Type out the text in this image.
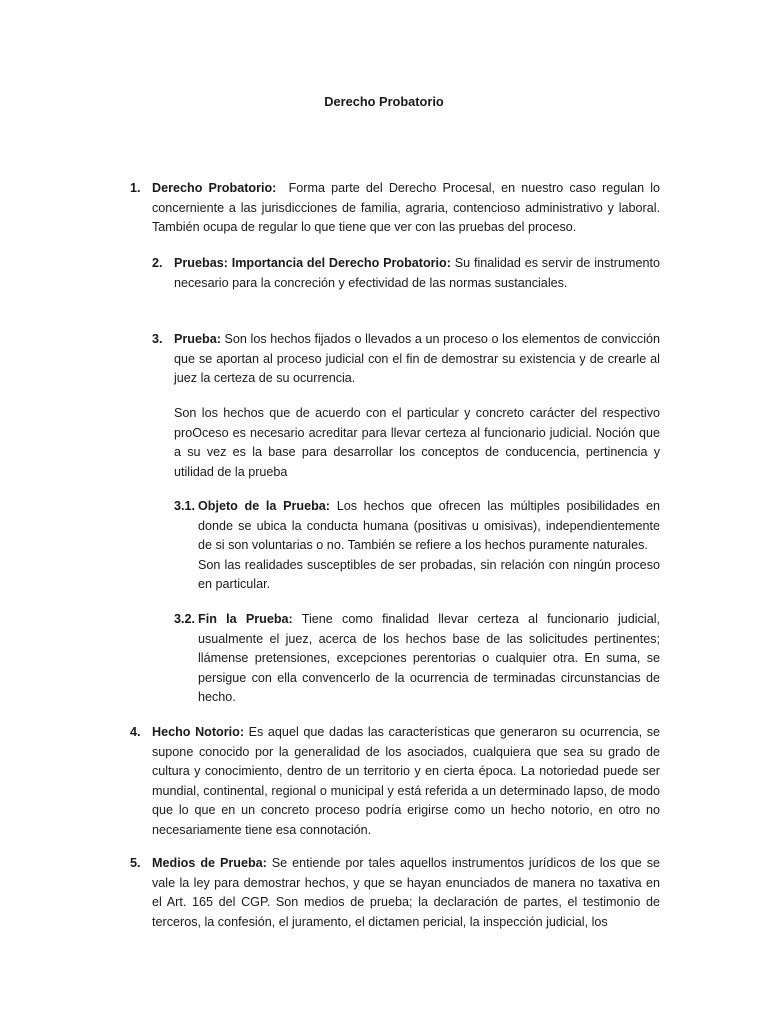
Derecho Probatorio
1. Derecho Probatorio: Forma parte del Derecho Procesal, en nuestro caso regulan lo concerniente a las jurisdicciones de familia, agraria, contencioso administrativo y laboral. También ocupa de regular lo que tiene que ver con las pruebas del proceso.

2. Pruebas: Importancia del Derecho Probatorio: Su finalidad es servir de instrumento necesario para la concreción y efectividad de las normas sustanciales.

3. Prueba: Son los hechos fijados o llevados a un proceso o los elementos de convicción que se aportan al proceso judicial con el fin de demostrar su existencia y de crearle al juez la certeza de su ocurrencia.

Son los hechos que de acuerdo con el particular y concreto carácter del respectivo proOceso es necesario acreditar para llevar certeza al funcionario judicial. Noción que a su vez es la base para desarrollar los conceptos de conducencia, pertinencia y utilidad de la prueba

3.1. Objeto de la Prueba: Los hechos que ofrecen las múltiples posibilidades en donde se ubica la conducta humana (positivas u omisivas), independientemente de si son voluntarias o no. También se refiere a los hechos puramente naturales.

Son las realidades susceptibles de ser probadas, sin relación con ningún proceso en particular.

3.2. Fin la Prueba: Tiene como finalidad llevar certeza al funcionario judicial, usualmente el juez, acerca de los hechos base de las solicitudes pertinentes; llámense pretensiones, excepciones perentorias o cualquier otra. En suma, se persigue con ella convencerlo de la ocurrencia de terminadas circunstancias de hecho.

4. Hecho Notorio: Es aquel que dadas las características que generaron su ocurrencia, se supone conocido por la generalidad de los asociados, cualquiera que sea su grado de cultura y conocimiento, dentro de un territorio y en cierta época. La notoriedad puede ser mundial, continental, regional o municipal y está referida a un determinado lapso, de modo que lo que en un concreto proceso podría erigirse como un hecho notorio, en otro no necesariamente tiene esa connotación.

5. Medios de Prueba: Se entiende por tales aquellos instrumentos jurídicos de los que se vale la ley para demostrar hechos, y que se hayan enunciados de manera no taxativa en el Art. 165 del CGP. Son medios de prueba; la declaración de partes, el testimonio de terceros, la confesión, el juramento, el dictamen pericial, la inspección judicial, los
